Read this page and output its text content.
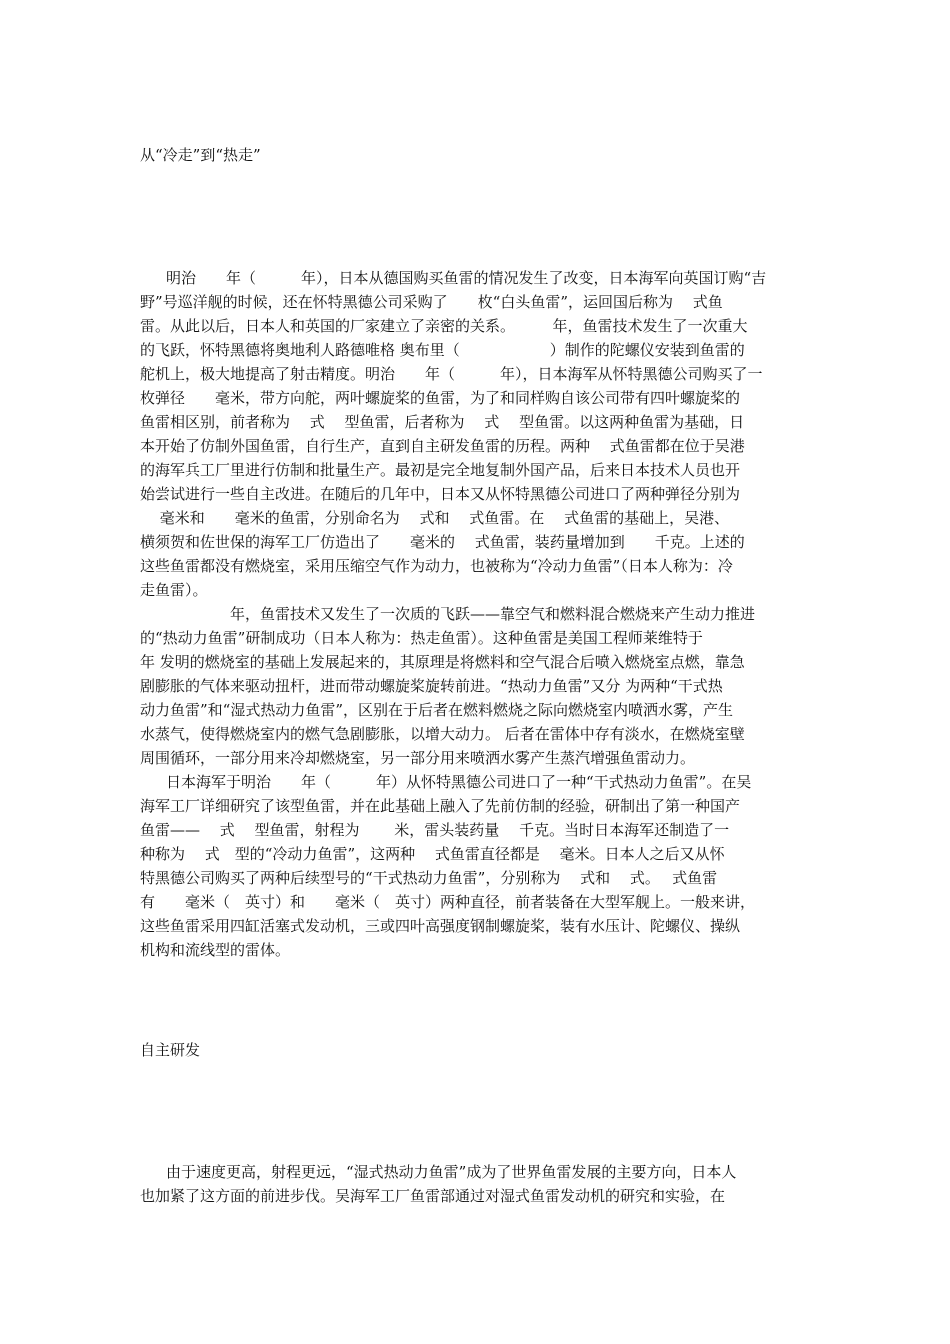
从“冷走”到“热走”
明治　　年（　　　年），日本从德国购买鱼雷的情况发生了改变，日本海军向英国订购“吉
野”号巡洋舰的时候，还在怀特黑德公司采购了　　枚“白头鱼雷”，运回国后称为　 式鱼
雷。从此以后，日本人和英国的厂家建立了亲密的关系。　　　年，鱼雷技术发生了一次重大
的飞跃，怀特黑德将奥地利人路德唯格 奥布里（　　　　　　）制作的陀螺仪安装到鱼雷的
舵机上，极大地提高了射击精度。明治　　年（　　　年），日本海军从怀特黑德公司购买了一
枚弹径　　毫米，带方向舵，两叶螺旋桨的鱼雷，为了和同样购自该公司带有四叶螺旋桨的
鱼雷相区别，前者称为　 式　 型鱼雷，后者称为　 式　 型鱼雷。以这两种鱼雷为基础，日
本开始了仿制外国鱼雷，自行生产，直到自主研发鱼雷的历程。两种　 式鱼雷都在位于吴港
的海军兵工厂里进行仿制和批量生产。最初是完全地复制外国产品，后来日本技术人员也开
始尝试进行一些自主改进。在随后的几年中，日本又从怀特黑德公司进口了两种弹径分别为
　 毫米和　　毫米的鱼雷，分别命名为　 式和　 式鱼雷。在　 式鱼雷的基础上，吴港、
横须贺和佐世保的海军工厂仿造出了　　毫米的　 式鱼雷，装药量增加到　　千克。上述的
这些鱼雷都没有燃烧室，采用压缩空气作为动力，也被称为“冷动力鱼雷”（日本人称为：冷
走鱼雷）。
　　　　　　年，鱼雷技术又发生了一次质的飞跃——靠空气和燃料混合燃烧来产生动力推进
的“热动力鱼雷”研制成功（日本人称为：热走鱼雷）。这种鱼雷是美国工程师莱维特于
年 发明的燃烧室的基础上发展起来的，其原理是将燃料和空气混合后喷入燃烧室点燃，靠急
剧膨胀的气体来驱动扭杆，进而带动螺旋桨旋转前进。“热动力鱼雷”又分 为两种“干式热
动力鱼雷”和“湿式热动力鱼雷”，区别在于后者在燃料燃烧之际向燃烧室内喷洒水雾，产生
水蒸气，使得燃烧室内的燃气急剧膨胀，以增大动力。 后者在雷体中存有淡水，在燃烧室壁
周围循环，一部分用来冷却燃烧室，另一部分用来喷洒水雾产生蒸汽增强鱼雷动力。
日本海军于明治　　年（　　　年）从怀特黑德公司进口了一种“干式热动力鱼雷”。在吴
海军工厂详细研究了该型鱼雷，并在此基础上融入了先前仿制的经验，研制出了第一种国产
鱼雷——　 式　 型鱼雷，射程为　　 米，雷头装药量　 千克。当时日本海军还制造了一
种称为　 式　型的“冷动力鱼雷”，这两种　 式鱼雷直径都是　 毫米。日本人之后又从怀
特黑德公司购买了两种后续型号的“干式热动力鱼雷”，分别称为　 式和　 式。　 式鱼雷
有　　毫米（　英寸）和　　毫米（　英寸）两种直径，前者装备在大型军舰上。一般来讲，
这些鱼雷采用四缸活塞式发动机，三或四叶高强度钢制螺旋桨，装有水压计、陀螺仪、操纵
机构和流线型的雷体。
自主研发
由于速度更高，射程更远，“湿式热动力鱼雷”成为了世界鱼雷发展的主要方向，日本人
也加紧了这方面的前进步伐。吴海军工厂鱼雷部通过对湿式鱼雷发动机的研究和实验，在
